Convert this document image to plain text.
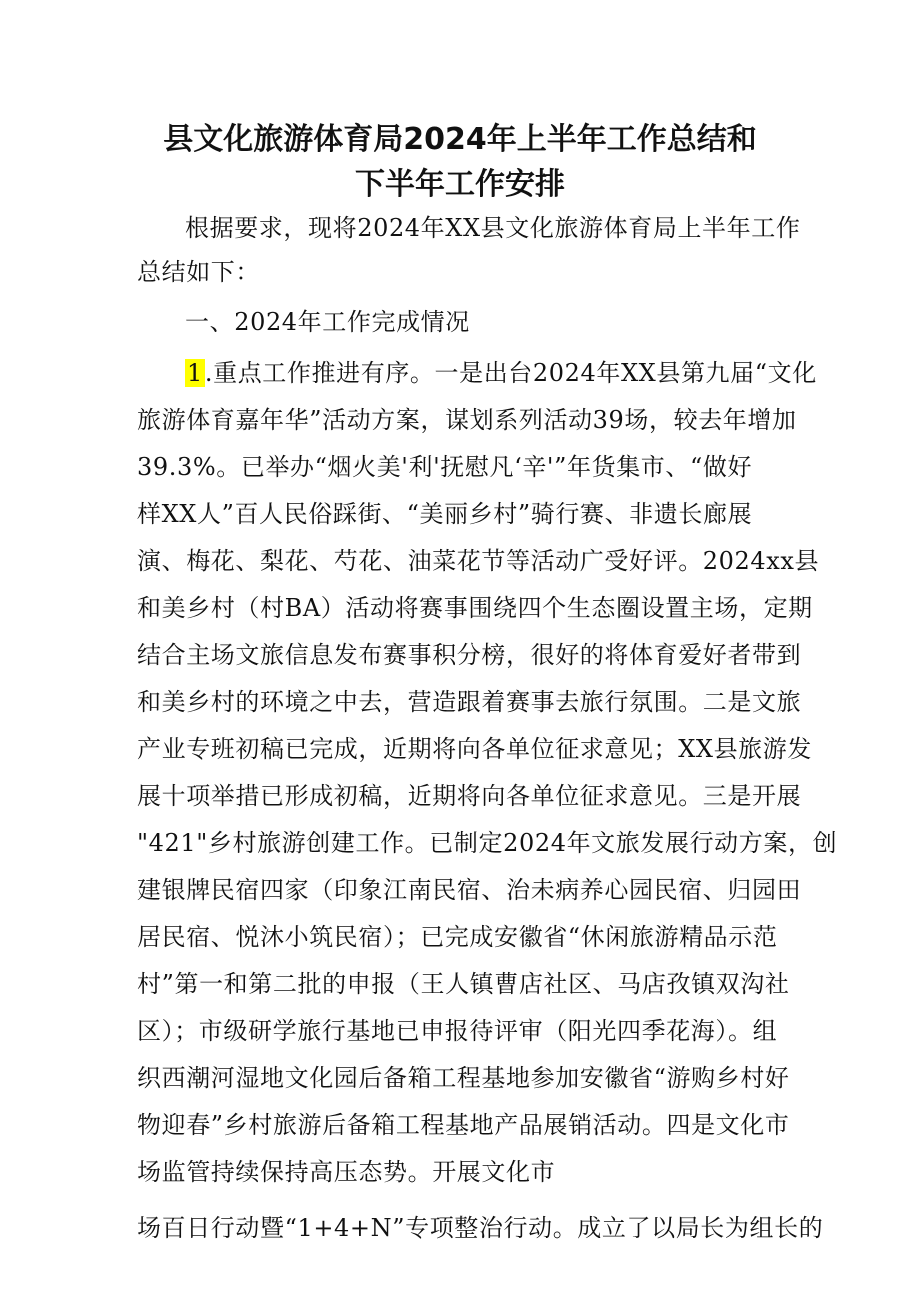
县文化旅游体育局2024年上半年工作总结和
下半年工作安排
根据要求，现将2024年XX县文化旅游体育局上半年工作
总结如下：
一、2024年工作完成情况
1.重点工作推进有序。一是出台2024年XX县第九届“文化
旅游体育嘉年华”活动方案，谋划系列活动39场，较去年增加
39.3%。已举办“烟火美'利'抚慰凡‘辛'”年货集市、“做好
样XX人”百人民俗踩街、“美丽乡村”骑行赛、非遗长廊展
演、梅花、梨花、芍花、油菜花节等活动广受好评。2024xx县
和美乡村（村BA）活动将赛事围绕四个生态圈设置主场，定期
结合主场文旅信息发布赛事积分榜，很好的将体育爱好者带到
和美乡村的环境之中去，营造跟着赛事去旅行氛围。二是文旅
产业专班初稿已完成，近期将向各单位征求意见；XX县旅游发
展十项举措已形成初稿，近期将向各单位征求意见。三是开展
"421"乡村旅游创建工作。已制定2024年文旅发展行动方案，创
建银牌民宿四家（印象江南民宿、治未病养心园民宿、归园田
居民宿、悦沐小筑民宿）；已完成安徽省“休闲旅游精品示范
村”第一和第二批的申报（王人镇曹店社区、马店孜镇双沟社
区）；市级研学旅行基地已申报待评审（阳光四季花海）。组
织西潮河湿地文化园后备箱工程基地参加安徽省“游购乡村好
物迎春”乡村旅游后备箱工程基地产品展销活动。四是文化市
场监管持续保持高压态势。开展文化市
场百日行动暨“1+4+N”专项整治行动。成立了以局长为组长的
